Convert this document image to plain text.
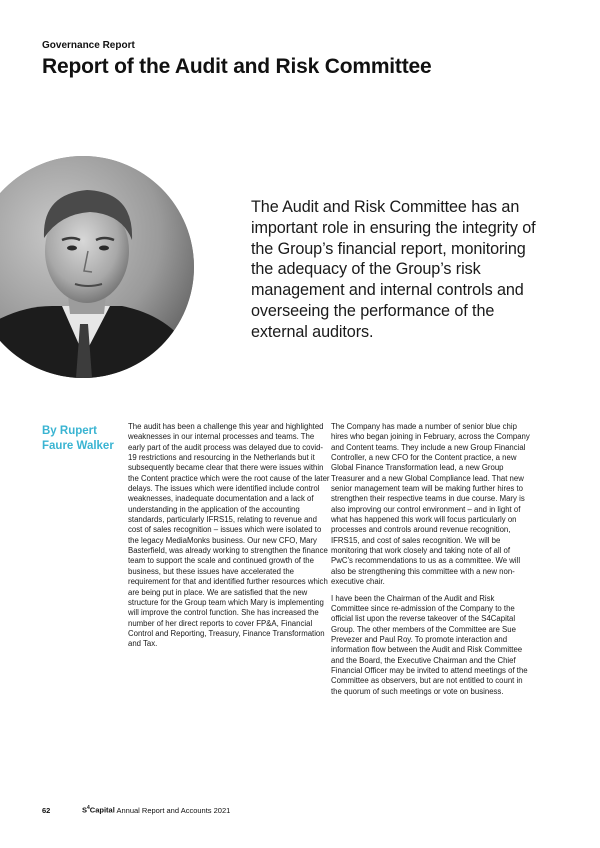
Governance Report
Report of the Audit and Risk Committee

The Audit and Risk Committee has an important role in ensuring the integrity of the Group’s financial report, monitoring the adequacy of the Group’s risk management and internal controls and overseeing the performance of the external auditors.

By Rupert
Faure Walker

The audit has been a challenge this year and highlighted weaknesses in our internal processes and teams. The early part of the audit process was delayed due to covid-19 restrictions and resourcing in the Netherlands but it subsequently became clear that there were issues within the Content practice which were the root cause of the later delays. The issues which were identified include control weaknesses, inadequate documentation and a lack of understanding in the application of the accounting standards, particularly IFRS15, relating to revenue and cost of sales recognition – issues which were isolated to the legacy MediaMonks business. Our new CFO, Mary Basterfield, was already working to strengthen the finance team to support the scale and continued growth of the business, but these issues have accelerated the requirement for that and identified further resources which are being put in place. We are satisfied that the new structure for the Group team which Mary is implementing will improve the control function. She has increased the number of her direct reports to cover FP&A, Financial Control and Reporting, Treasury, Finance Transformation and Tax.

The Company has made a number of senior blue chip hires who began joining in February, across the Company and Content teams. They include a new Group Financial Controller, a new CFO for the Content practice, a new Global Finance Transformation lead, a new Group Treasurer and a new Global Compliance lead. That new senior management team will be making further hires to strengthen their respective teams in due course. Mary is also improving our control environment – and in light of what has happened this work will focus particularly on processes and controls around revenue recognition, IFRS15, and cost of sales recognition. We will be monitoring that work closely and taking note of all of PwC’s recommendations to us as a committee. We will also be strengthening this committee with a new non-executive chair.

I have been the Chairman of the Audit and Risk Committee since re-admission of the Company to the official list upon the reverse takeover of the S4Capital Group. The other members of the Committee are Sue Prevezer and Paul Roy. To promote interaction and information flow between the Audit and Risk Committee and the Board, the Executive Chairman and the Chief Financial Officer may be invited to attend meetings of the Committee as observers, but are not entitled to count in the quorum of such meetings or vote on business.

62	$S^4Capital$ Annual Report and Accounts 2021
